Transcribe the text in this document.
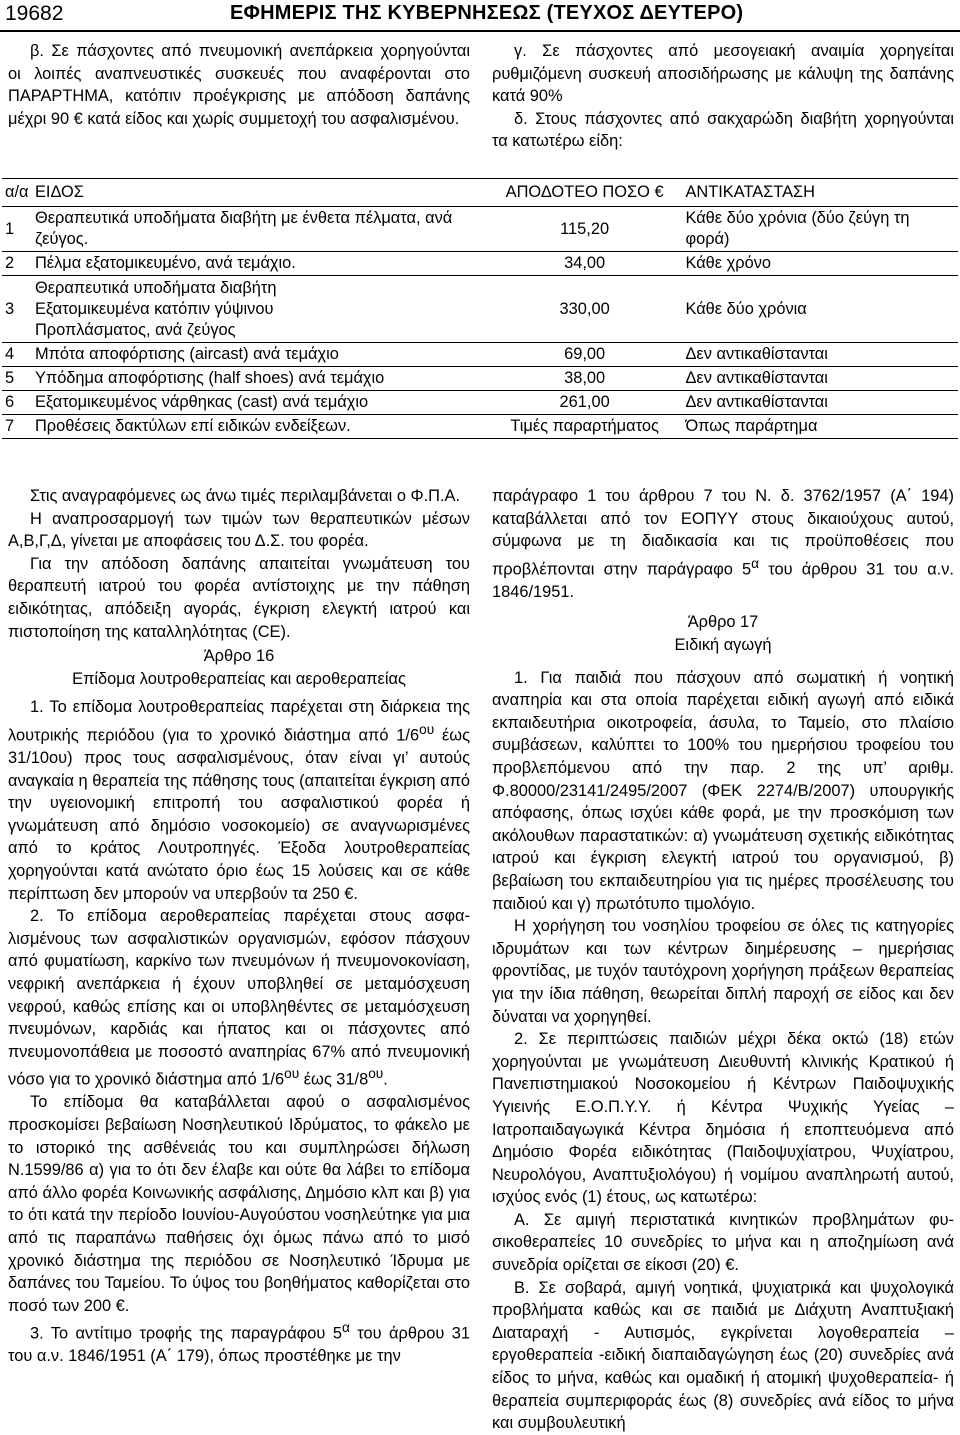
19682	ΕΦΗΜΕΡΙΣ ΤΗΣ ΚΥΒΕΡΝΗΣΕΩΣ (ΤΕΥΧΟΣ ΔΕΥΤΕΡΟ)

β. Σε πάσχοντες από πνευμονική ανεπάρκεια χορηγούνται οι λοιπές αναπνευστικές συσκευές που αναφέρονται στο ΠΑΡΑΡΤΗΜΑ, κατόπιν προέγκρισης με απόδοση δαπάνης μέχρι 90 € κατά είδος και χωρίς συμμετοχή του ασφαλισμένου.

γ. Σε πάσχοντες από μεσογειακή αναιμία χορηγείται ρυθμιζόμενη συσκευή αποσιδήρωσης με κάλυψη της δαπάνης κατά 90%

δ. Στους πάσχοντες από σακχαρώδη διαβήτη χορηγούνται τα κατωτέρω είδη:

α/α	ΕΙΔΟΣ	ΑΠΟΔΟΤΕΟ ΠΟΣΟ €	ΑΝΤΙΚΑΤΑΣΤΑΣΗ
1	Θεραπευτικά υποδήματα διαβήτη με ένθετα πέλματα, ανά ζεύγος.	115,20	Κάθε δύο χρόνια (δύο ζεύγη τη φορά)
2	Πέλμα εξατομικευμένο, ανά τεμάχιο.	34,00	Κάθε χρόνο
3	Θεραπευτικά υποδήματα διαβήτη
Εξατομικευμένα κατόπιν γύψινου
Προπλάσματος, ανά ζεύγος	330,00	Κάθε δύο χρόνια
4	Μπότα αποφόρτισης (aircast) ανά τεμάχιο	69,00	Δεν αντικαθίστανται
5	Υπόδημα αποφόρτισης (half shoes) ανά τεμάχιο	38,00	Δεν αντικαθίστανται
6	Εξατομικευμένος νάρθηκας (cast) ανά τεμάχιο	261,00	Δεν αντικαθίστανται
7	Προθέσεις δακτύλων επί ειδικών ενδείξεων.	Τιμές παραρτήματος	Όπως παράρτημα

Στις αναγραφόμενες ως άνω τιμές περιλαμβάνεται ο Φ.Π.Α.

Η αναπροσαρμογή των τιμών των θεραπευτικών μέσων Α,Β,Γ,Δ, γίνεται με αποφάσεις του Δ.Σ. του φορέα.

Για την απόδοση δαπάνης απαιτείται γνωμάτευση του θεραπευτή ιατρού του φορέα αντίστοιχης με την πάθηση ειδικότητας, απόδειξη αγοράς, έγκριση ελεγκτή ιατρού και πιστοποίηση της καταλληλότητας (CE).

Άρθρο 16

Επίδομα λουτροθεραπείας και αεροθεραπείας

1. Το επίδομα λουτροθεραπείας παρέχεται στη διάρκεια της λουτρικής περιόδου (για το χρονικό διάστημα από $1/6^{o\upsilon}$ έως 31/10ου) προς τους ασφαλισμένους, όταν είναι γι’ αυτούς αναγκαία η θεραπεία της πάθησης τους (απαιτείται έγκριση από την υγειονομική επιτροπή του ασφαλιστικού φορέα ή γνωμάτευση από δημόσιο νοσοκομείο) σε αναγνωρισμένες από το κράτος Λουτροπηγές. Έξοδα λουτροθεραπείας χορηγούνται κατά ανώτατο όριο έως 15 λούσεις και σε κάθε περίπτωση δεν μπορούν να υπερβούν τα 250 €.

2. Το επίδομα αεροθεραπείας παρέχεται στους ασφαλισμένους των ασφαλιστικών οργανισμών, εφόσον πάσχουν από φυματίωση, καρκίνο των πνευμόνων ή πνευμονοκονίαση, νεφρική ανεπάρκεια ή έχουν υποβληθεί σε μεταμόσχευση νεφρού, καθώς επίσης και οι υποβληθέντες σε μεταμόσχευση πνευμόνων, καρδιάς και ήπατος και οι πάσχοντες από πνευμονοπάθεια με ποσοστό αναπηρίας 67% από πνευμονική νόσο για το χρονικό διάστημα από $1/6^{o\upsilon}$ έως $31/8^{o\upsilon}$.

Το επίδομα θα καταβάλλεται αφού ο ασφαλισμένος προσκομίσει βεβαίωση Νοσηλευτικού Ιδρύματος, το φάκελο με το ιστορικό της ασθένειάς του και συμπληρώσει δήλωση Ν.1599/86 α) για το ότι δεν έλαβε και ούτε θα λάβει το επίδομα από άλλο φορέα Κοινωνικής ασφάλισης, Δημόσιο κλπ και β) για το ότι κατά την περίοδο Ιουνίου-Αυγούστου νοσηλεύτηκε για μια από τις παραπάνω παθήσεις όχι όμως πάνω από το μισό χρονικό διάστημα της περιόδου σε Νοσηλευτικό Ίδρυμα με δαπάνες του Ταμείου. Το ύψος του βοηθήματος καθορίζεται στο ποσό των 200 €.

3. Το αντίτιμο τροφής της παραγράφου $5^\alpha$ του άρθρου 31 του α.ν. 1846/1951 (Α΄ 179), όπως προστέθηκε με την

παράγραφο 1 του άρθρου 7 του Ν. δ. 3762/1957 (Α΄ 194) καταβάλλεται από τον ΕΟΠΥΥ στους δικαιούχους αυτού, σύμφωνα με τη διαδικασία και τις προϋποθέσεις που προβλέπονται στην παράγραφο $5^\alpha$ του άρθρου 31 του α.ν. 1846/1951.

Άρθρο 17

Ειδική αγωγή

1. Για παιδιά που πάσχουν από σωματική ή νοητική αναπηρία και στα οποία παρέχεται ειδική αγωγή από ειδικά εκπαιδευτήρια οικοτροφεία, άσυλα, το Ταμείο, στο πλαίσιο συμβάσεων, καλύπτει το 100% του ημερήσιου τροφείου του προβλεπόμενου από την παρ. 2 της υπ’ αριθμ. Φ.80000/23141/2495/2007 (ΦΕΚ 2274/Β/2007) υπουργικής απόφασης, όπως ισχύει κάθε φορά, με την προσκόμιση των ακόλουθων παραστατικών: α) γνωμάτευση σχετικής ειδικότητας ιατρού και έγκριση ελεγκτή ιατρού του οργανισμού, β) βεβαίωση του εκπαιδευτηρίου για τις ημέρες προσέλευσης του παιδιού και γ) πρωτότυπο τιμολόγιο.

Η χορήγηση του νοσηλίου τροφείου σε όλες τις κατηγορίες ιδρυμάτων και των κέντρων διημέρευσης – ημερήσιας φροντίδας, με τυχόν ταυτόχρονη χορήγηση πράξεων θεραπείας για την ίδια πάθηση, θεωρείται διπλή παροχή σε είδος και δεν δύναται να χορηγηθεί.

2. Σε περιπτώσεις παιδιών μέχρι δέκα οκτώ (18) ετών χορηγούνται με γνωμάτευση Διευθυντή κλινικής Κρατικού ή Πανεπιστημιακού Νοσοκομείου ή Κέντρων Παιδοψυχικής Υγιεινής Ε.Ο.Π.Υ.Υ. ή Κέντρα Ψυχικής Υγείας – Ιατροπαιδαγωγικά Κέντρα δημόσια ή εποπτευόμενα από Δημόσιο Φορέα ειδικότητας (Παιδοψυχίατρου, Ψυχίατρου, Νευρολόγου, Αναπτυξιολόγου) ή νομίμου αναπληρωτή αυτού, ισχύος ενός (1) έτους, ως κατωτέρω:

Α. Σε αμιγή περιστατικά κινητικών προβλημάτων φυσικοθεραπείες 10 συνεδρίες το μήνα και η αποζημίωση ανά συνεδρία ορίζεται σε είκοσι (20) €.

Β. Σε σοβαρά, αμιγή νοητικά, ψυχιατρικά και ψυχολογικά προβλήματα καθώς και σε παιδιά με Διάχυτη Αναπτυξιακή Διαταραχή - Αυτισμός, εγκρίνεται λογοθεραπεία – εργοθεραπεία -ειδική διαπαιδαγώγηση έως (20) συνεδρίες ανά είδος το μήνα, καθώς και ομαδική ή ατομική ψυχοθεραπεία- ή θεραπεία συμπεριφοράς έως (8) συνεδρίες ανά είδος το μήνα και συμβουλευτική
